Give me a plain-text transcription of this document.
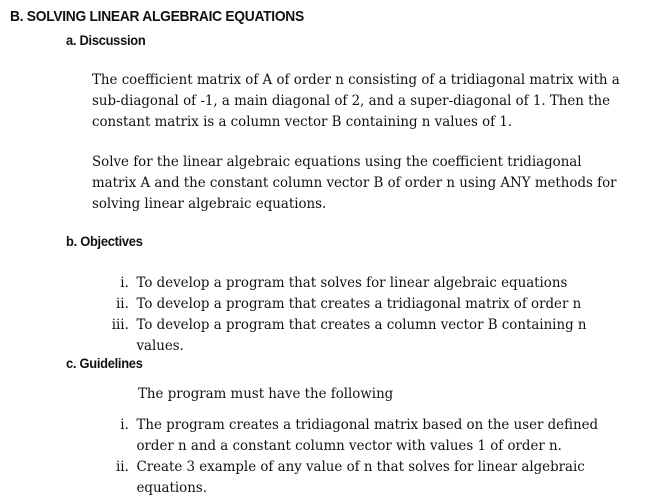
B. SOLVING LINEAR ALGEBRAIC EQUATIONS
a. Discussion
The coefficient matrix of A of order n consisting of a tridiagonal matrix with a
sub-diagonal of -1, a main diagonal of 2, and a super-diagonal of 1. Then the
constant matrix is a column vector B containing n values of 1.
Solve for the linear algebraic equations using the coefficient tridiagonal
matrix A and the constant column vector B of order n using ANY methods for
solving linear algebraic equations.
b. Objectives
i. To develop a program that solves for linear algebraic equations
ii. To develop a program that creates a tridiagonal matrix of order n
iii. To develop a program that creates a column vector B containing n
values.
c. Guidelines
The program must have the following
i. The program creates a tridiagonal matrix based on the user defined
order n and a constant column vector with values 1 of order n.
ii. Create 3 example of any value of n that solves for linear algebraic
equations.
